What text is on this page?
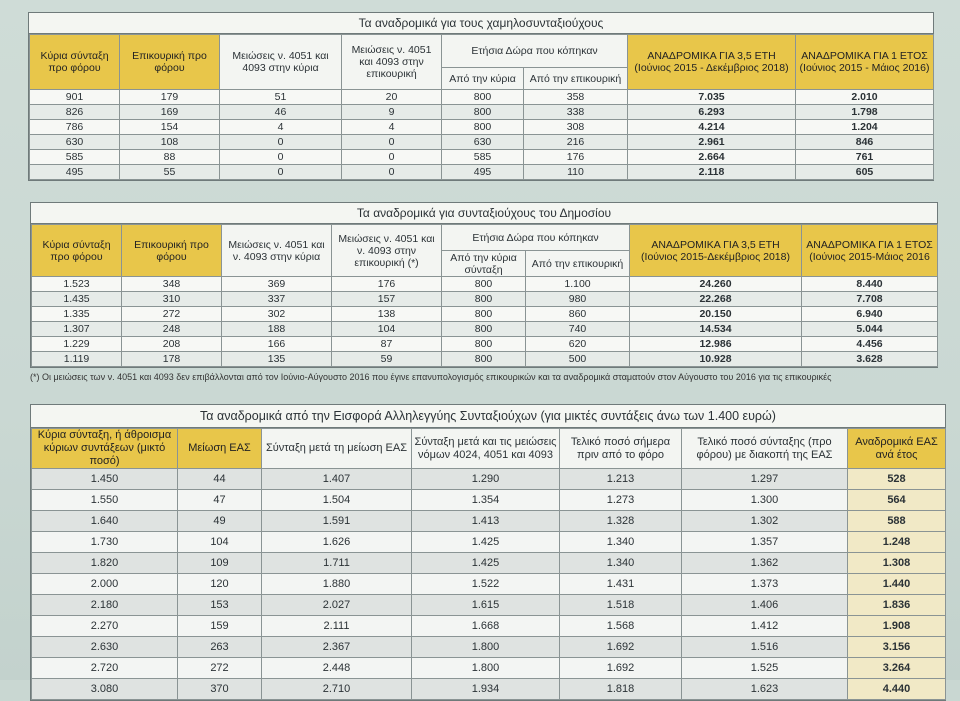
Τα αναδρομικά για τους χαμηλοσυνταξιούχους
Κύρια σύνταξη προ φόρου	Επικουρική προ φόρου	Μειώσεις ν. 4051 και 4093 στην κύρια	Μειώσεις ν. 4051 και 4093 στην επικουρική	Ετήσια Δώρα που κόπηκαν		ΑΝΑΔΡΟΜΙΚΑ ΓΙΑ 3,5 ΕΤΗ (Ιούνιος 2015 - Δεκέμβριος 2018)	ΑΝΑΔΡΟΜΙΚΑ ΓΙΑ 1 ΕΤΟΣ (Ιούνιος 2015 - Μάιος 2016)
				Από την κύρια	Από την επικουρική		
901	179	51	20	800	358	7.035	2.010
826	169	46	9	800	338	6.293	1.798
786	154	4	4	800	308	4.214	1.204
630	108	0	0	630	216	2.961	846
585	88	0	0	585	176	2.664	761
495	55	0	0	495	110	2.118	605
Τα αναδρομικά για συνταξιούχους του Δημοσίου
Κύρια σύνταξη προ φόρου	Επικουρική προ φόρου	Μειώσεις ν. 4051 και ν. 4093 στην κύρια	Μειώσεις ν. 4051 και ν. 4093 στην επικουρική (*)	Ετήσια Δώρα που κόπηκαν		ΑΝΑΔΡΟΜΙΚΑ ΓΙΑ 3,5 ΕΤΗ (Ιούνιος 2015-Δεκέμβριος 2018)	ΑΝΑΔΡΟΜΙΚΑ ΓΙΑ 1 ΕΤΟΣ (Ιούνιος 2015-Μάιος 2016
				Από την κύρια σύνταξη	Από την επικουρική		
1.523	348	369	176	800	1.100	24.260	8.440
1.435	310	337	157	800	980	22.268	7.708
1.335	272	302	138	800	860	20.150	6.940
1.307	248	188	104	800	740	14.534	5.044
1.229	208	166	87	800	620	12.986	4.456
1.119	178	135	59	800	500	10.928	3.628
(*) Οι μειώσεις των ν. 4051 και 4093 δεν επιβάλλονται από τον Ιούνιο-Αύγουστο 2016 που έγινε επανυπολογισμός επικουρικών και τα αναδρομικά σταματούν στον Αύγουστο του 2016 για τις επικουρικές
Τα αναδρομικά από την Εισφορά Αλληλεγγύης Συνταξιούχων (για μικτές συντάξεις άνω των 1.400 ευρώ)
Κύρια σύνταξη, ή άθροισμα κύριων συντάξεων (μικτό ποσό)	Μείωση ΕΑΣ	Σύνταξη μετά τη μείωση ΕΑΣ	Σύνταξη μετά και τις μειώσεις νόμων 4024, 4051 και 4093	Τελικό ποσό σήμερα πριν από το φόρο	Τελικό ποσό σύνταξης (προ φόρου) με διακοπή της ΕΑΣ	Αναδρομικά ΕΑΣ ανά έτος
1.450	44	1.407	1.290	1.213	1.297	528
1.550	47	1.504	1.354	1.273	1.300	564
1.640	49	1.591	1.413	1.328	1.302	588
1.730	104	1.626	1.425	1.340	1.357	1.248
1.820	109	1.711	1.425	1.340	1.362	1.308
2.000	120	1.880	1.522	1.431	1.373	1.440
2.180	153	2.027	1.615	1.518	1.406	1.836
2.270	159	2.111	1.668	1.568	1.412	1.908
2.630	263	2.367	1.800	1.692	1.516	3.156
2.720	272	2.448	1.800	1.692	1.525	3.264
3.080	370	2.710	1.934	1.818	1.623	4.440
